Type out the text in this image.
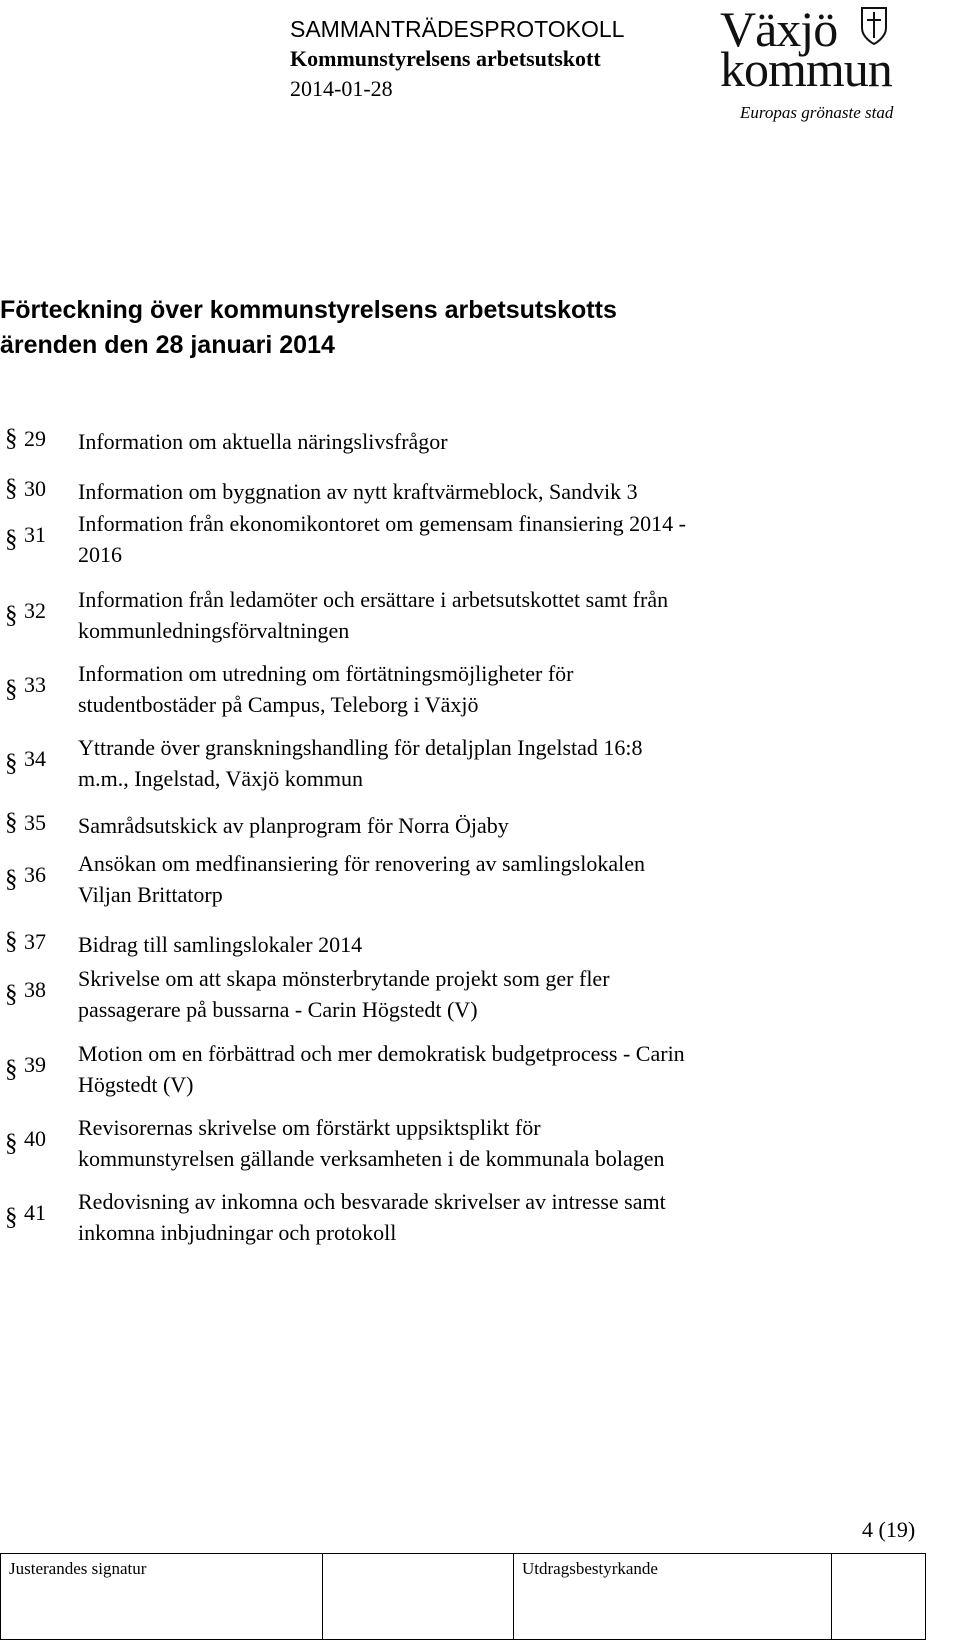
SAMMANTRÄDESPROTOKOLL
Kommunstyrelsens arbetsutskott
2014-01-28
Växjö
kommun
Europas grönaste stad
Förteckning över kommunstyrelsens arbetsutskotts
ärenden den 28 januari 2014
§ 29 Information om aktuella näringslivsfrågor
§ 30 Information om byggnation av nytt kraftvärmeblock, Sandvik 3
§ 31 Information från ekonomikontoret om gemensam finansiering 2014 -
2016
§ 32 Information från ledamöter och ersättare i arbetsutskottet samt från
kommunledningsförvaltningen
§ 33 Information om utredning om förtätningsmöjligheter för
studentbostäder på Campus, Teleborg i Växjö
§ 34 Yttrande över granskningshandling för detaljplan Ingelstad 16:8
m.m., Ingelstad, Växjö kommun
§ 35 Samrådsutskick av planprogram för Norra Öjaby
§ 36 Ansökan om medfinansiering för renovering av samlingslokalen
Viljan Brittatorp
§ 37 Bidrag till samlingslokaler 2014
§ 38 Skrivelse om att skapa mönsterbrytande projekt som ger fler
passagerare på bussarna - Carin Högstedt (V)
§ 39 Motion om en förbättrad och mer demokratisk budgetprocess - Carin
Högstedt (V)
§ 40 Revisorernas skrivelse om förstärkt uppsiktsplikt för
kommunstyrelsen gällande verksamheten i de kommunala bolagen
§ 41 Redovisning av inkomna och besvarade skrivelser av intresse samt
inkomna inbjudningar och protokoll
4 (19)
Justerandes signatur	Utdragsbestyrkande
